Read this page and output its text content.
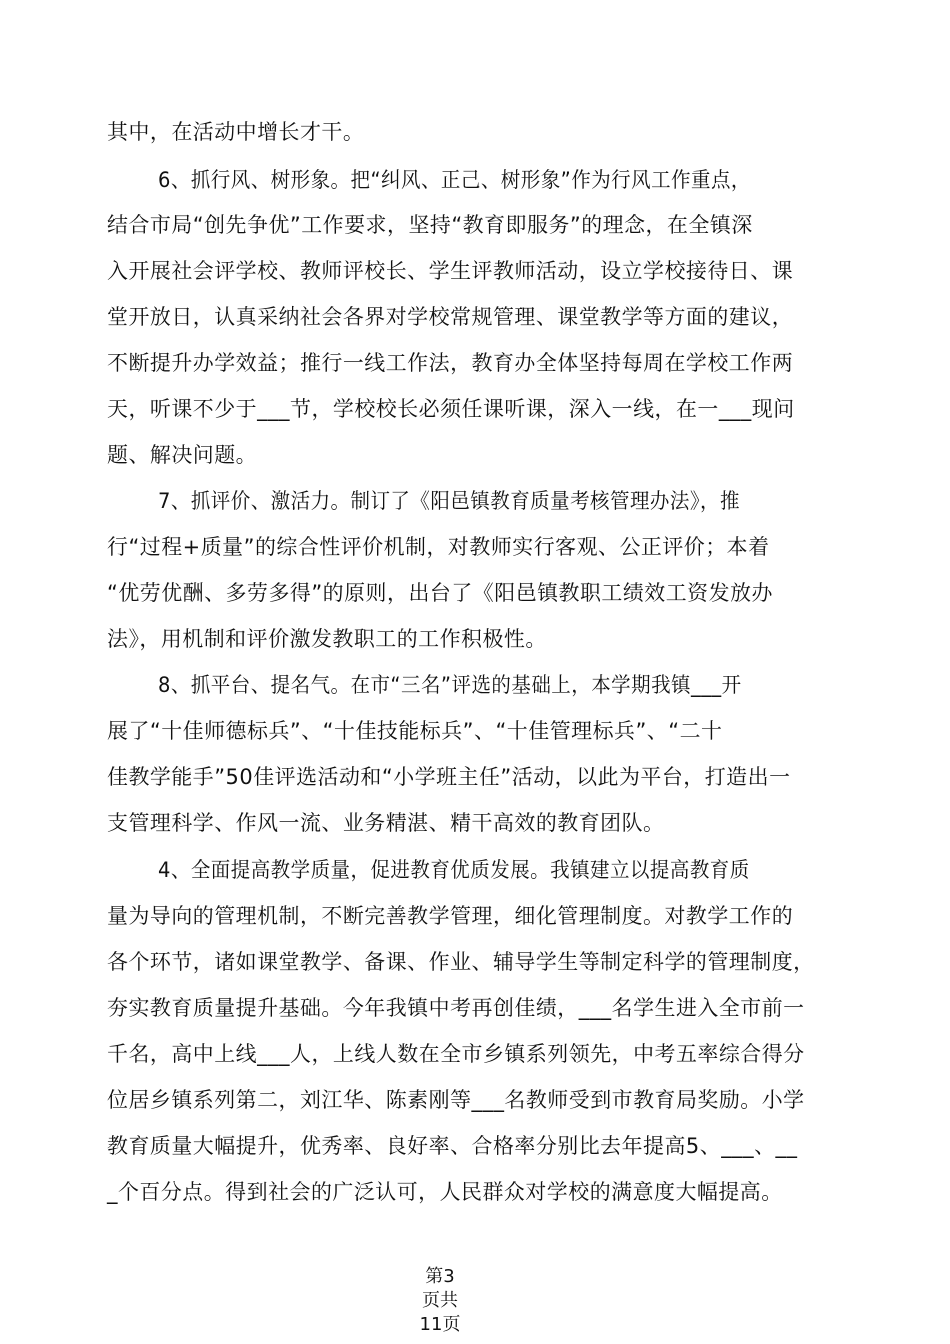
其中，在活动中增长才干。
6、抓行风、树形象。把“纠风、正己、树形象”作为行风工作重点，
结合市局“创先争优”工作要求，坚持“教育即服务”的理念，在全镇深
入开展社会评学校、教师评校长、学生评教师活动，设立学校接待日、课
堂开放日，认真采纳社会各界对学校常规管理、课堂教学等方面的建议，
不断提升办学效益；推行一线工作法，教育办全体坚持每周在学校工作两
天，听课不少于___节，学校校长必须任课听课，深入一线，在一___现问
题、解决问题。
7、抓评价、激活力。制订了《阳邑镇教育质量考核管理办法》，推
行“过程+质量”的综合性评价机制，对教师实行客观、公正评价；本着
“优劳优酬、多劳多得”的原则，出台了《阳邑镇教职工绩效工资发放办
法》，用机制和评价激发教职工的工作积极性。
8、抓平台、提名气。在市“三名”评选的基础上，本学期我镇___开
展了“十佳师德标兵”、“十佳技能标兵”、“十佳管理标兵”、“二十
佳教学能手”50佳评选活动和“小学班主任”活动，以此为平台，打造出一
支管理科学、作风一流、业务精湛、精干高效的教育团队。
4、全面提高教学质量，促进教育优质发展。我镇建立以提高教育质
量为导向的管理机制，不断完善教学管理，细化管理制度。对教学工作的
各个环节，诸如课堂教学、备课、作业、辅导学生等制定科学的管理制度，
夯实教育质量提升基础。今年我镇中考再创佳绩，___名学生进入全市前一
千名，高中上线___人，上线人数在全市乡镇系列领先，中考五率综合得分
位居乡镇系列第二，刘江华、陈素刚等___名教师受到市教育局奖励。小学
教育质量大幅提升，优秀率、良好率、合格率分别比去年提高5、___、__
_个百分点。得到社会的广泛认可，人民群众对学校的满意度大幅提高。
第3
页共
11页
